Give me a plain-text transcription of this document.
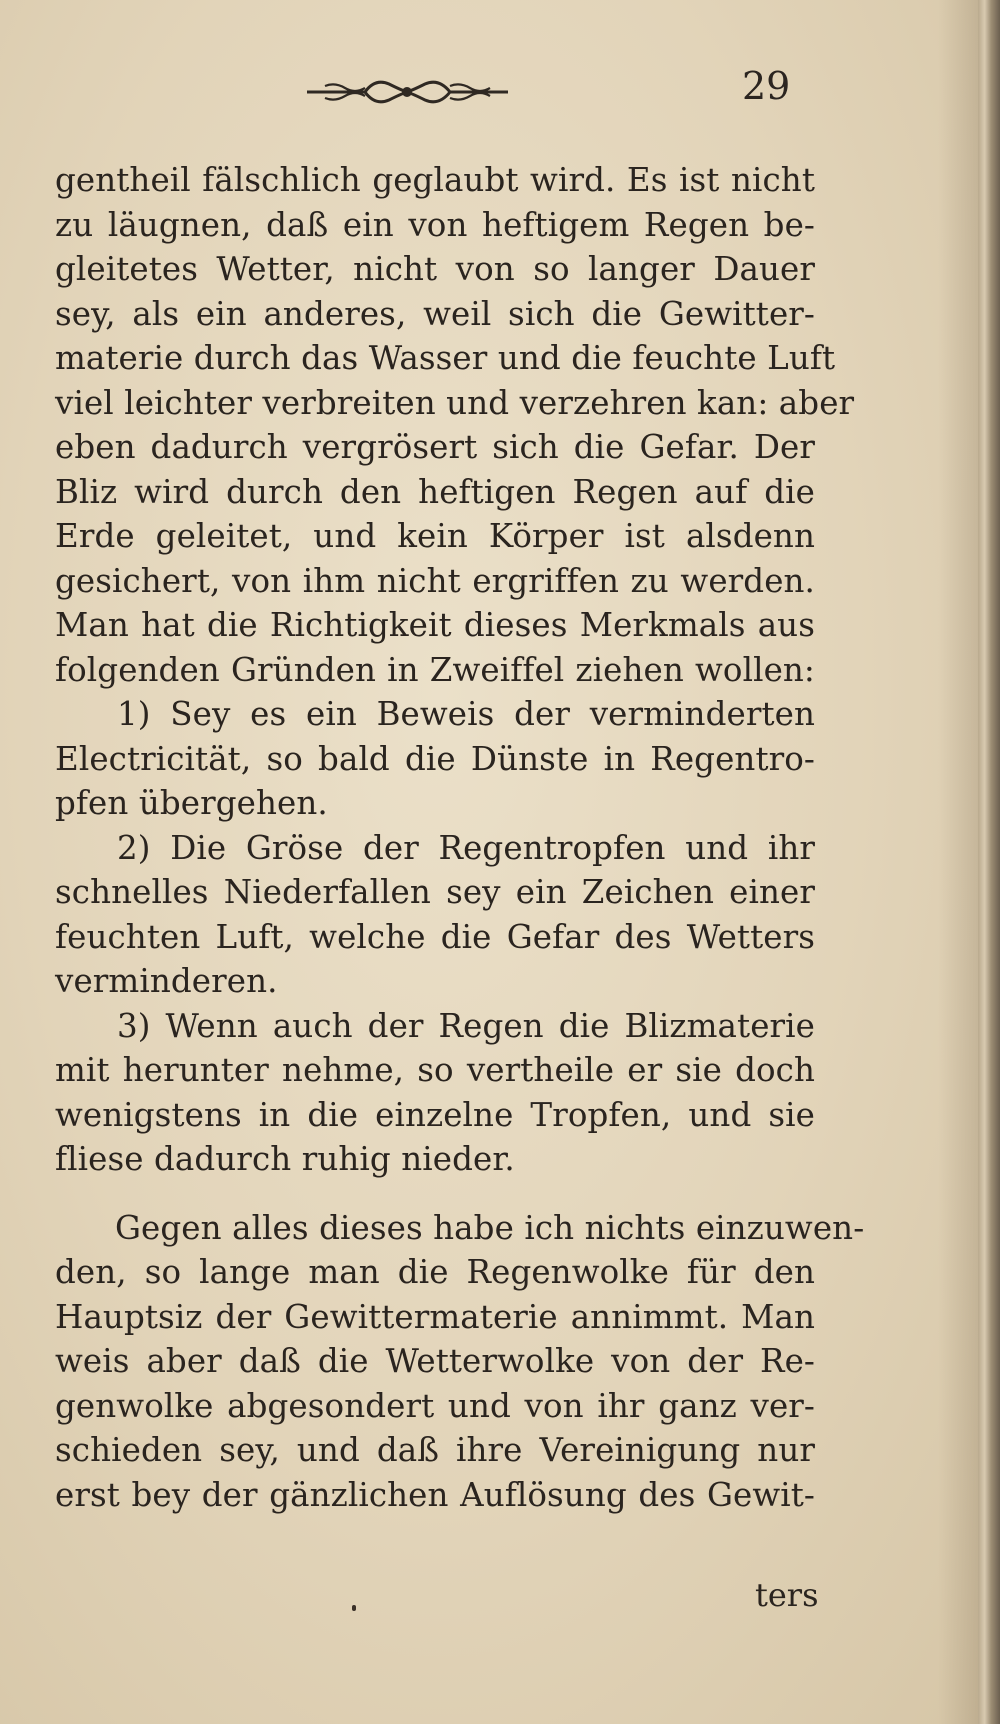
29
gentheil fälschlich geglaubt wird. Es ist nicht
zu läugnen, daß ein von heftigem Regen be-
gleitetes Wetter, nicht von so langer Dauer
sey, als ein anderes, weil sich die Gewitter-
materie durch das Wasser und die feuchte Luft
viel leichter verbreiten und verzehren kan: aber
eben dadurch vergrösert sich die Gefar. Der
Bliz wird durch den heftigen Regen auf die
Erde geleitet, und kein Körper ist alsdenn
gesichert, von ihm nicht ergriffen zu werden.
Man hat die Richtigkeit dieses Merkmals aus
folgenden Gründen in Zweiffel ziehen wollen:
1) Sey es ein Beweis der verminderten
Electricität, so bald die Dünste in Regentro-
pfen übergehen.
2) Die Gröse der Regentropfen und ihr
schnelles Niederfallen sey ein Zeichen einer
feuchten Luft, welche die Gefar des Wetters
verminderen.
3) Wenn auch der Regen die Blizmaterie
mit herunter nehme, so vertheile er sie doch
wenigstens in die einzelne Tropfen, und sie
fliese dadurch ruhig nieder.
Gegen alles dieses habe ich nichts einzuwen-
den, so lange man die Regenwolke für den
Hauptsiz der Gewittermaterie annimmt. Man
weis aber daß die Wetterwolke von der Re-
genwolke abgesondert und von ihr ganz ver-
schieden sey, und daß ihre Vereinigung nur
erst bey der gänzlichen Auflösung des Gewit-
ters
